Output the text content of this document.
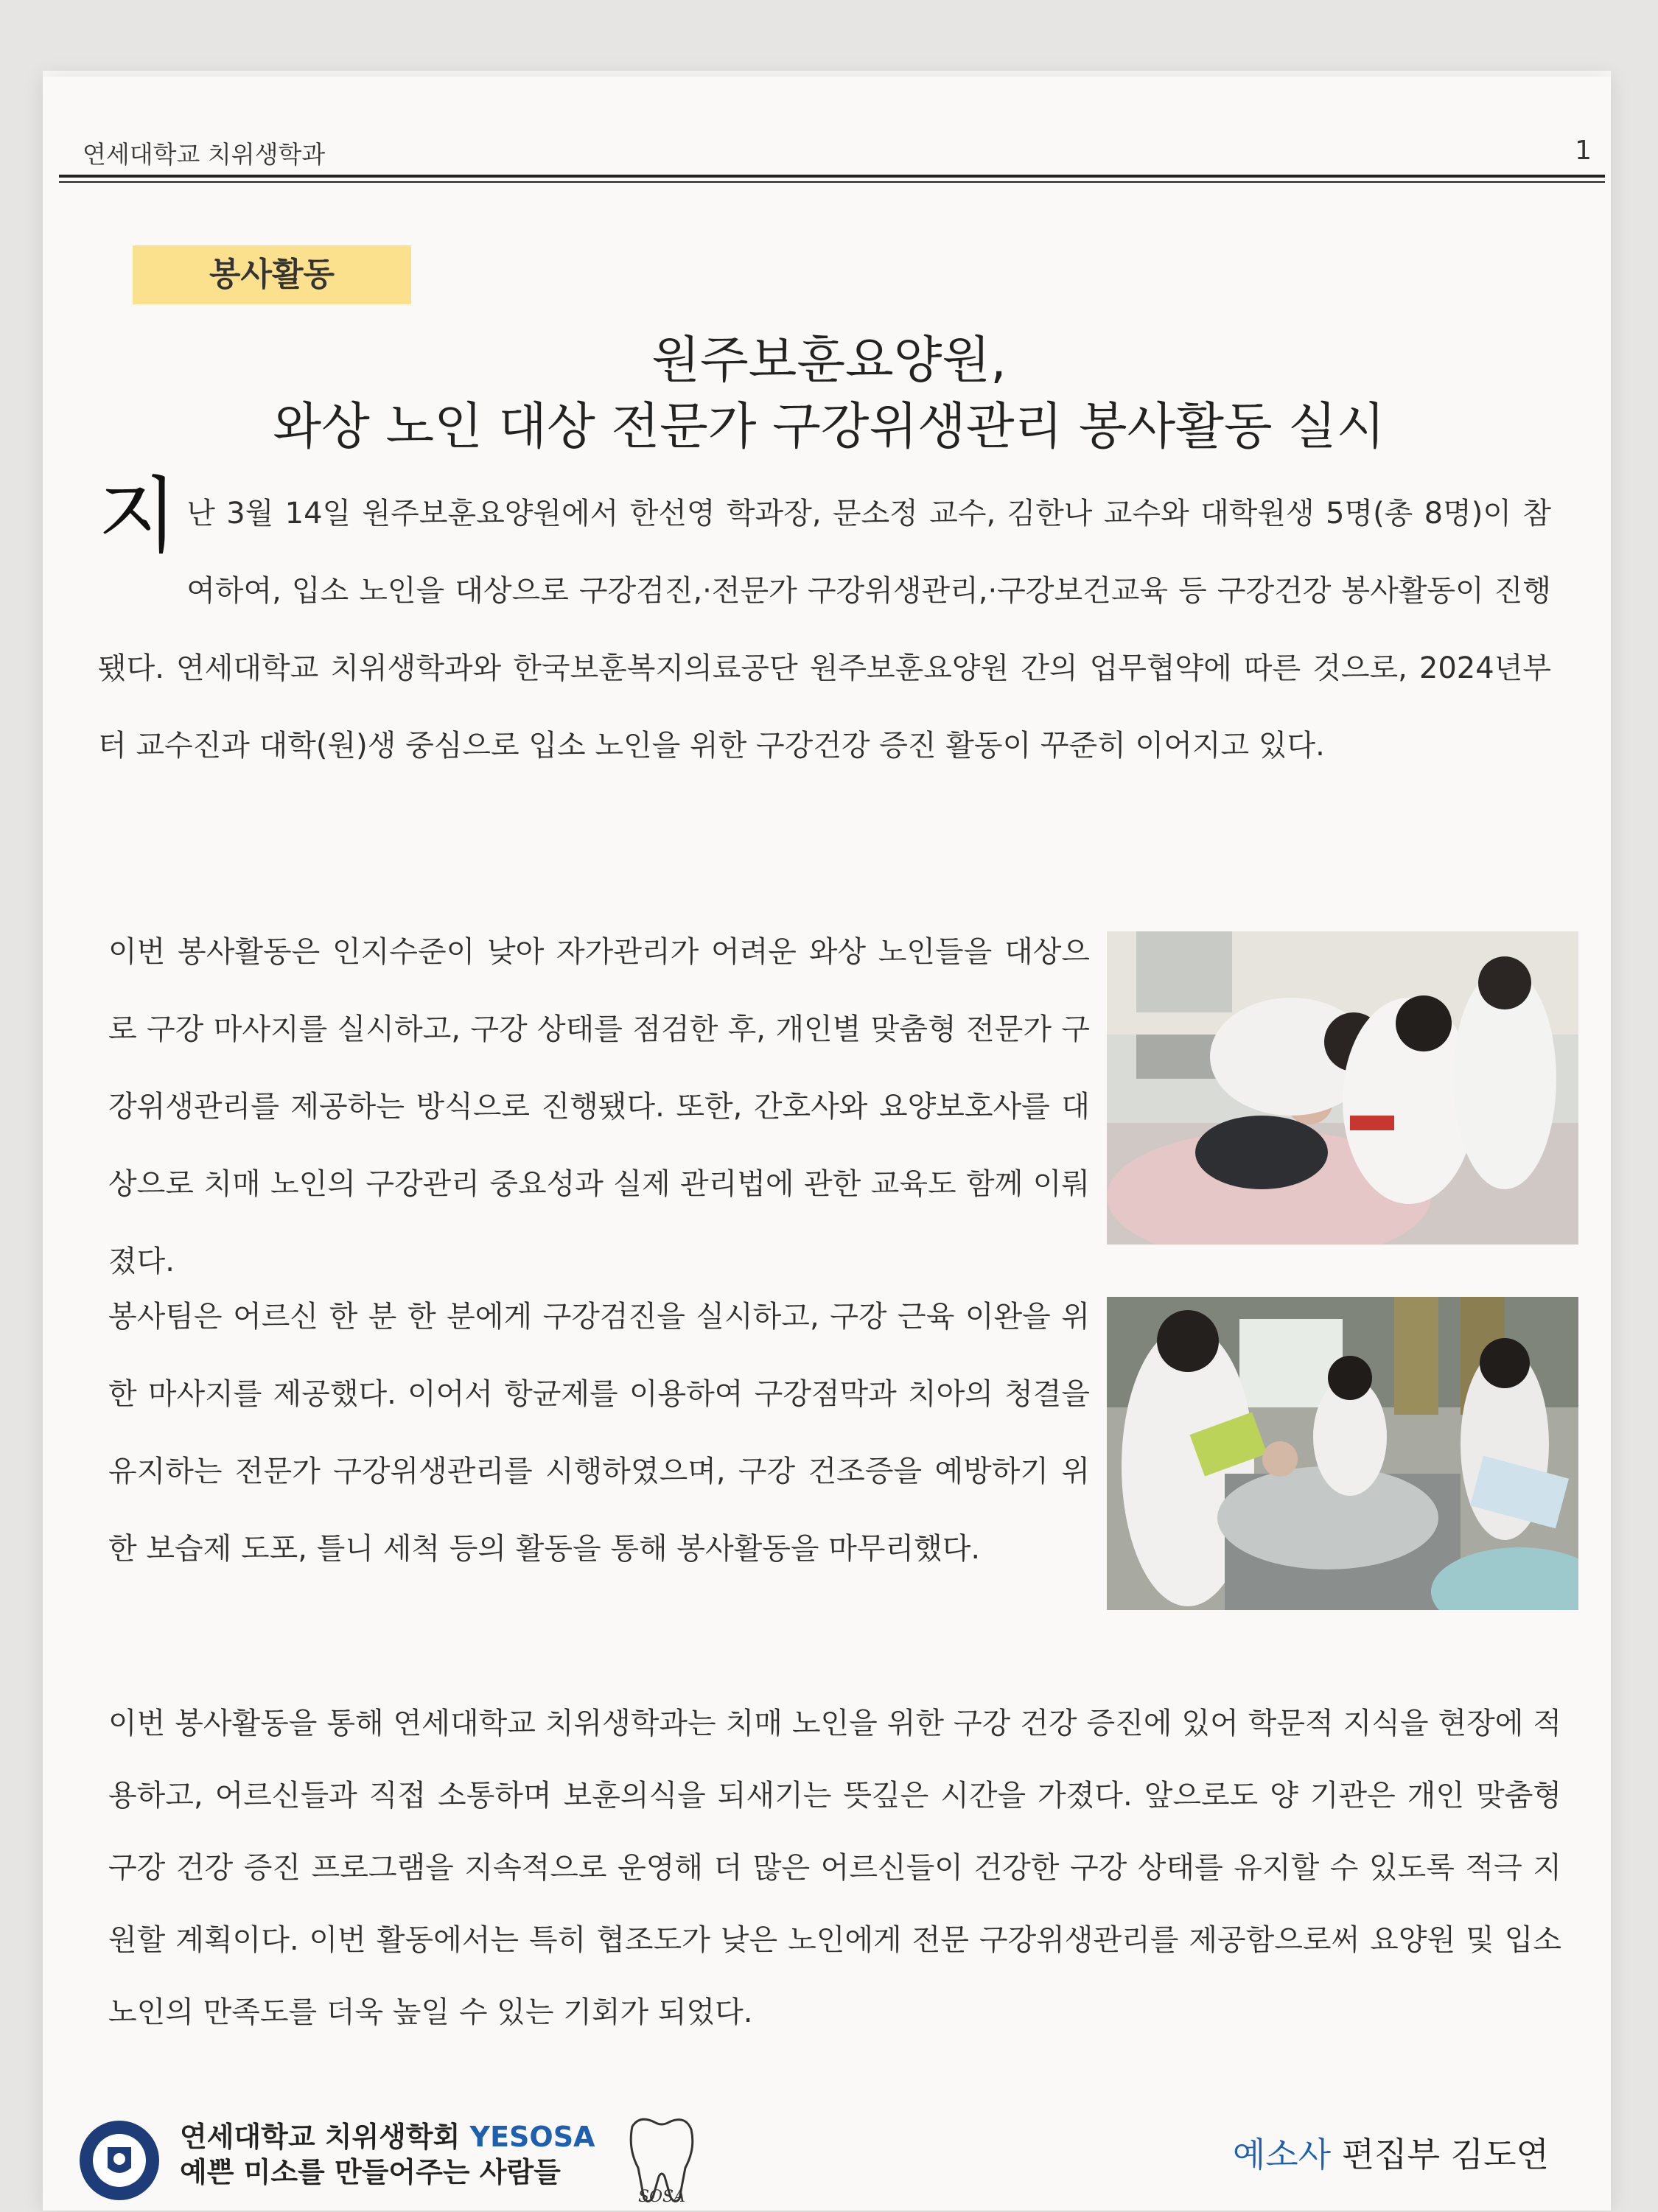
연세대학교 치위생학과	1
봉사활동
원주보훈요양원,
와상 노인 대상 전문가 구강위생관리 봉사활동 실시
지난 3월 14일 원주보훈요양원에서 한선영 학과장, 문소정 교수, 김한나 교수와 대학원생 5명(총 8명)이 참여하여, 입소 노인을 대상으로 구강검진,·전문가 구강위생관리,·구강보건교육 등 구강건강 봉사활동이 진행됐다. 연세대학교 치위생학과와 한국보훈복지의료공단 원주보훈요양원 간의 업무협약에 따른 것으로, 2024년부터 교수진과 대학(원)생 중심으로 입소 노인을 위한 구강건강 증진 활동이 꾸준히 이어지고 있다.
이번 봉사활동은 인지수준이 낮아 자가관리가 어려운 와상 노인들을 대상으로 구강 마사지를 실시하고, 구강 상태를 점검한 후, 개인별 맞춤형 전문가 구강위생관리를 제공하는 방식으로 진행됐다. 또한, 간호사와 요양보호사를 대상으로 치매 노인의 구강관리 중요성과 실제 관리법에 관한 교육도 함께 이뤄졌다.
봉사팀은 어르신 한 분 한 분에게 구강검진을 실시하고, 구강 근육 이완을 위한 마사지를 제공했다. 이어서 항균제를 이용하여 구강점막과 치아의 청결을 유지하는 전문가 구강위생관리를 시행하였으며, 구강 건조증을 예방하기 위한 보습제 도포, 틀니 세척 등의 활동을 통해 봉사활동을 마무리했다.
이번 봉사활동을 통해 연세대학교 치위생학과는 치매 노인을 위한 구강 건강 증진에 있어 학문적 지식을 현장에 적용하고, 어르신들과 직접 소통하며 보훈의식을 되새기는 뜻깊은 시간을 가졌다. 앞으로도 양 기관은 개인 맞춤형 구강 건강 증진 프로그램을 지속적으로 운영해 더 많은 어르신들이 건강한 구강 상태를 유지할 수 있도록 적극 지원할 계획이다. 이번 활동에서는 특히 협조도가 낮은 노인에게 전문 구강위생관리를 제공함으로써 요양원 및 입소 노인의 만족도를 더욱 높일 수 있는 기회가 되었다.
연세대학교 치위생학회 YESOSA
예쁜 미소를 만들어주는 사람들
SOSA
예소사 편집부 김도연
